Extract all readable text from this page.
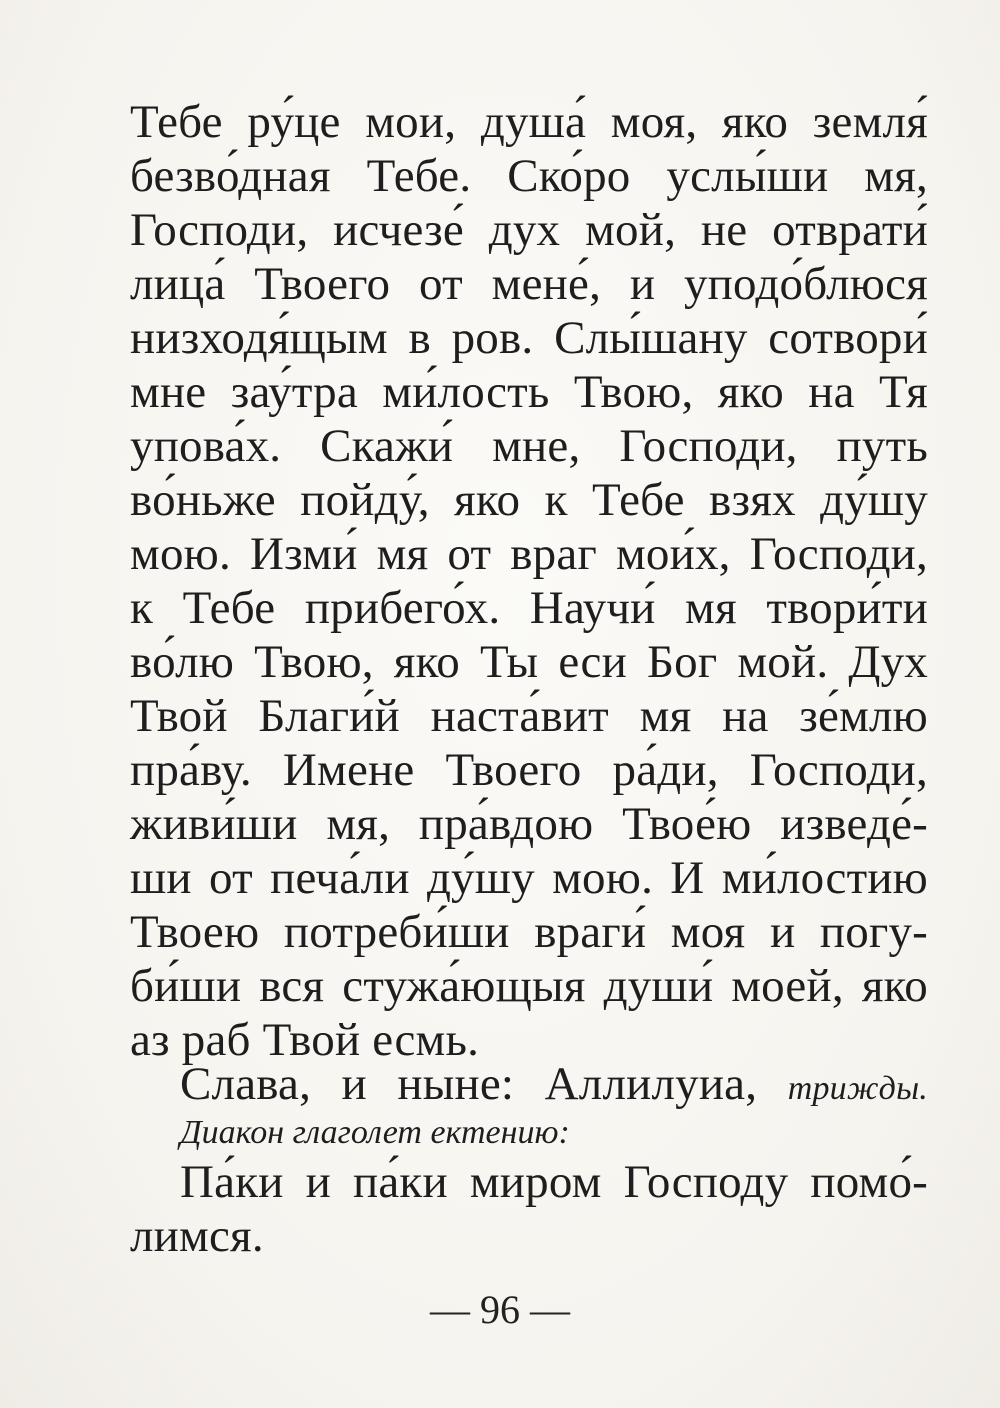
Тебе ру́це мои, душа́ моя, яко земля́
безво́дная Тебе. Ско́ро услы́ши мя,
Господи, исчезе́ дух мой, не отврати́
лица́ Твоего от мене́, и уподо́блюся
низходя́щым в ров. Слы́шану сотвори́
мне зау́тра ми́лость Твою, яко на Тя
упова́х. Скажи́ мне, Господи, путь
во́ньже пойду́, яко к Тебе взях ду́шу
мою. Изми́ мя от враг мои́х, Господи,
к Тебе прибего́х. Научи́ мя твори́ти
во́лю Твою, яко Ты еси Бог мой. Дух
Твой Благи́й наста́вит мя на зе́млю
пра́ву. Имене Твоего ра́ди, Господи,
живи́ши мя, пра́вдою Твое́ю изведе́-
ши от печа́ли ду́шу мою. И ми́лостию
Твоею потреби́ши враги́ моя и погу-
би́ши вся стужа́ющыя души́ моей, яко
аз раб Твой есмь.
Слава, и ныне: Аллилуиа, трижды.
Диакон глаголет ектению:
Па́ки и па́ки миром Господу помо́-
лимся.
— 96 —
